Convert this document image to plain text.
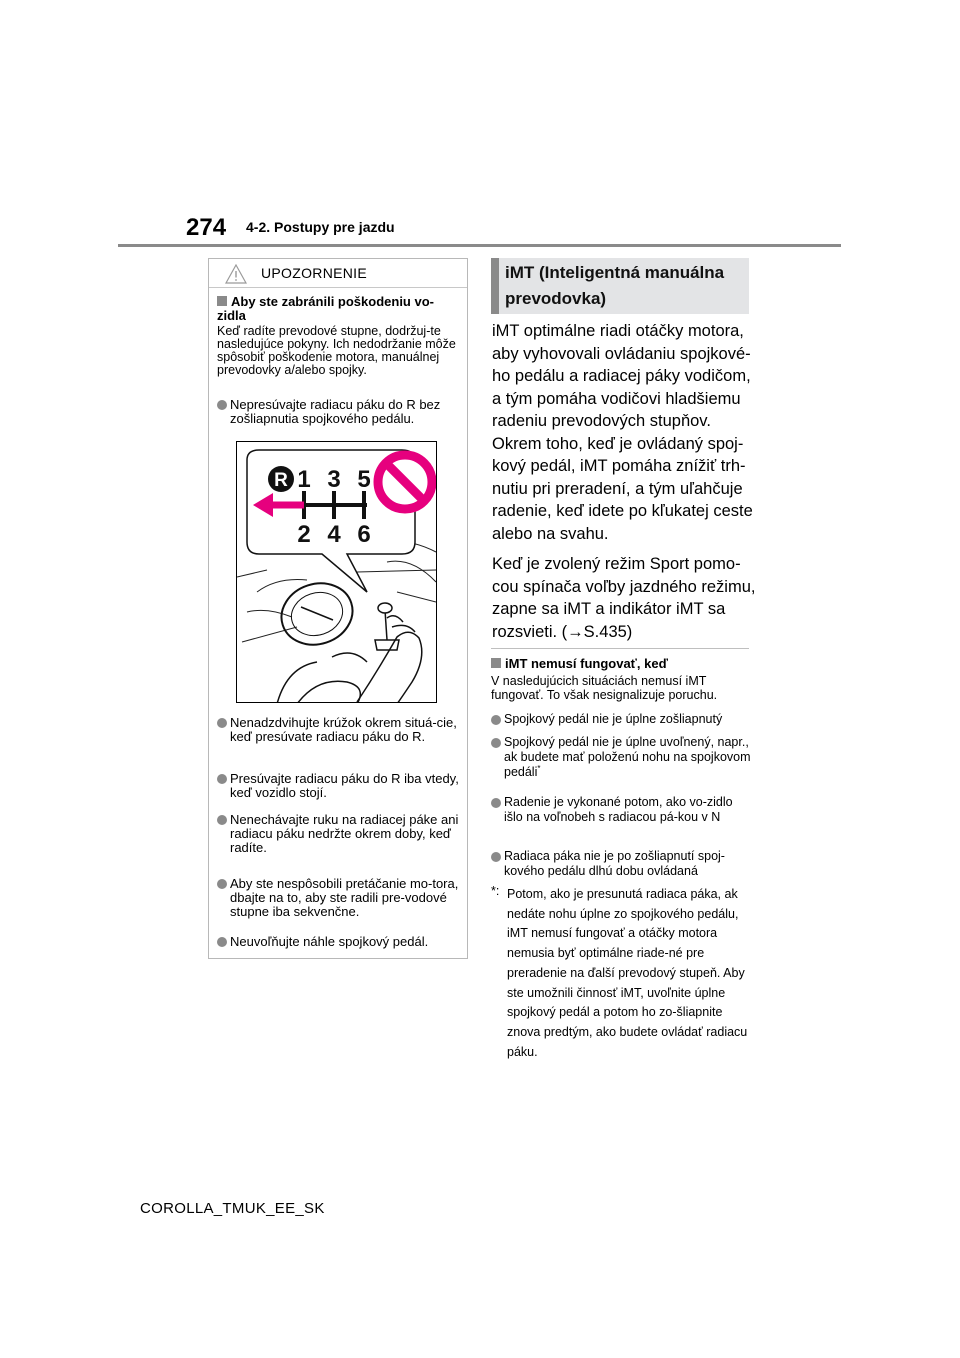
274 4-2. Postupy pre jazdu
UPOZORNENIE
Aby ste zabránili poškodeniu vo-zidla
Keď radíte prevodové stupne, dodržuj-te nasledujúce pokyny. Ich nedodržanie môže spôsobiť poškodenie motora, manuálnej prevodovky a/alebo spojky.
Nepresúvajte radiacu páku do R bez zošliapnutia spojkového pedálu.
R 1 3 5
2 4 6
Nenadzdvihujte krúžok okrem situá-cie, keď presúvate radiacu páku do R.
Presúvajte radiacu páku do R iba vtedy, keď vozidlo stojí.
Nenechávajte ruku na radiacej páke ani radiacu páku nedržte okrem doby, keď radíte.
Aby ste nespôsobili pretáčanie mo-tora, dbajte na to, aby ste radili pre-vodové stupne iba sekvenčne.
Neuvoľňujte náhle spojkový pedál.
iMT (Inteligentná manuálna prevodovka)

iMT optimálne riadi otáčky motora, aby vyhovovali ovládaniu spojkové-ho pedálu a radiacej páky vodičom, a tým pomáha vodičovi hladšiemu radeniu prevodových stupňov. Okrem toho, keď je ovládaný spoj-kový pedál, iMT pomáha znížiť trh-nutiu pri preradení, a tým uľahčuje radenie, keď idete po kľukatej ceste alebo na svahu.

Keď je zvolený režim Sport pomo-cou spínača voľby jazdného režimu, zapne sa iMT a indikátor iMT sa rozsvieti. (→S.435)

iMT nemusí fungovať, keď
V nasledujúcich situáciách nemusí iMT fungovať. To však nesignalizuje poruchu.
Spojkový pedál nie je úplne zošliapnutý
Spojkový pedál nie je úplne uvoľnený, napr., ak budete mať položenú nohu na spojkovom pedáli*
Radenie je vykonané potom, ako vo-zidlo išlo na voľnobeh s radiacou pá-kou v N
Radiaca páka nie je po zošliapnutí spoj-kového pedálu dlhú dobu ovládaná
*: Potom, ako je presunutá radiaca páka, ak nedáte nohu úplne zo spojkového pedálu, iMT nemusí fungovať a otáčky motora nemusia byť optimálne riade-né pre preradenie na ďalší prevodový stupeň. Aby ste umožnili činnosť iMT, uvoľnite úplne spojkový pedál a potom ho zo-šliapnite znova predtým, ako budete ovládať radiacu páku.
COROLLA_TMUK_EE_SK
